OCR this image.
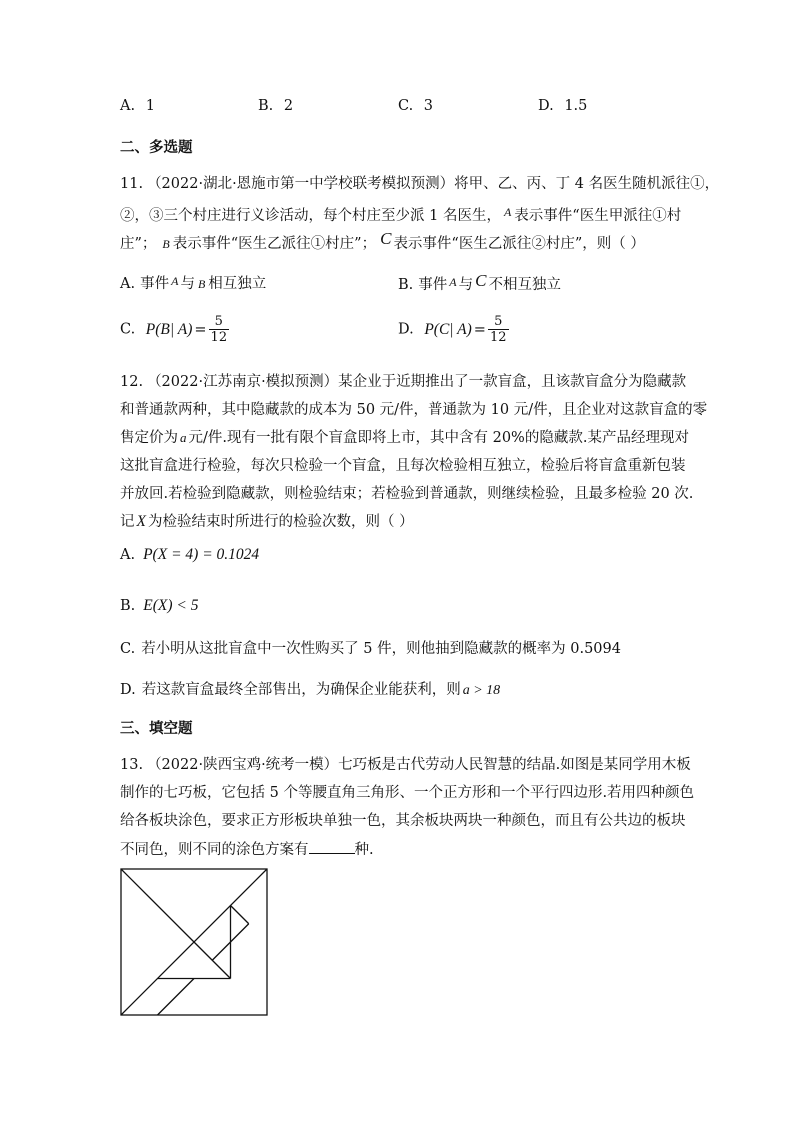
A. 1	B. 2	C. 3	D. 1.5
二、多选题
11. （2022·湖北·恩施市第一中学校联考模拟预测）将甲、乙、丙、丁 4 名医生随机派往①，
②，③三个村庄进行义诊活动，每个村庄至少派 1 名医生， $^A$ 表示事件“医生甲派往①村
庄”； B 表示事件“医生乙派往①村庄”； C 表示事件“医生乙派往②村庄”，则（ ）
A. 事件 $^A$ 与 B 相互独立	B. 事件 $^A$ 与 C 不相互独立
C. P(B| $A) = \frac{5}{12}$	D. P(C| $A) = \frac{5}{12}$
12. （2022·江苏南京·模拟预测）某企业于近期推出了一款盲盒，且该款盲盒分为隐藏款
和普通款两种，其中隐藏款的成本为 50 元/件，普通款为 10 元/件，且企业对这款盲盒的零
售定价为 a 元/件.现有一批有限个盲盒即将上市，其中含有 20%的隐藏款.某产品经理现对
这批盲盒进行检验，每次只检验一个盲盒，且每次检验相互独立，检验后将盲盒重新包装
并放回.若检验到隐藏款，则检验结束；若检验到普通款，则继续检验，且最多检验 20 次.
记 X 为检验结束时所进行的检验次数，则（ ）
A. P(X = 4) = 0.1024
B. E(X) < 5
C. 若小明从这批盲盒中一次性购买了 5 件，则他抽到隐藏款的概率为 0.5094
D. 若这款盲盒最终全部售出，为确保企业能获利，则 a > 18
三、填空题
13. （2022·陕西宝鸡·统考一模）七巧板是古代劳动人民智慧的结晶.如图是某同学用木板
制作的七巧板，它包括 5 个等腰直角三角形、一个正方形和一个平行四边形.若用四种颜色
给各板块涂色，要求正方形板块单独一色，其余板块两块一种颜色，而且有公共边的板块
不同色，则不同的涂色方案有	种.
